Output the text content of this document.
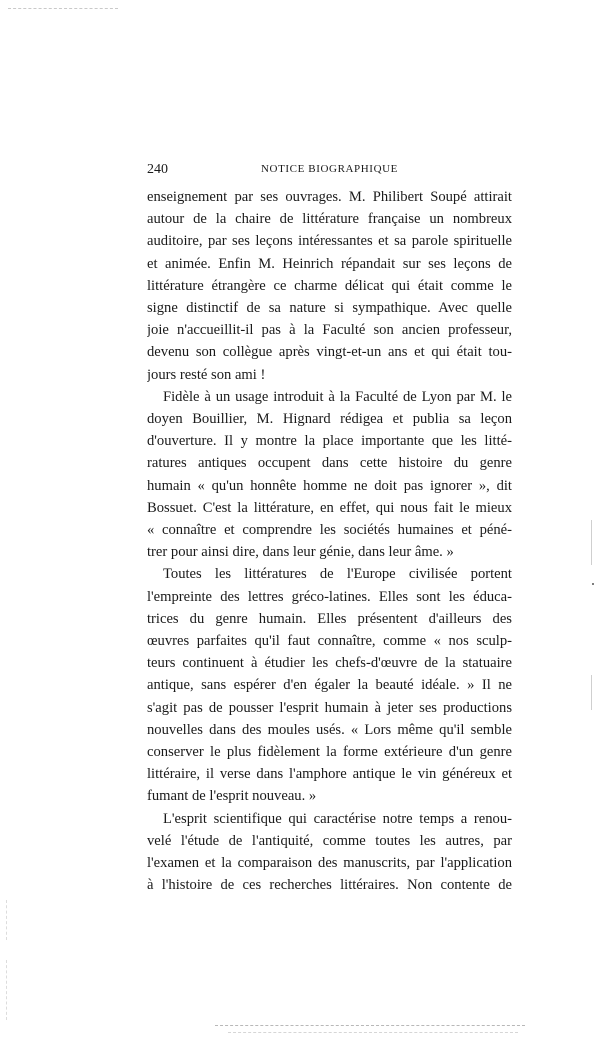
240	NOTICE BIOGRAPHIQUE

enseignement par ses ouvrages. M. Philibert Soupé attirait
autour de la chaire de littérature française un nombreux
auditoire, par ses leçons intéressantes et sa parole spirituelle
et animée. Enfin M. Heinrich répandait sur ses leçons de
littérature étrangère ce charme délicat qui était comme le
signe distinctif de sa nature si sympathique. Avec quelle
joie n'accueillit-il pas à la Faculté son ancien professeur,
devenu son collègue après vingt-et-un ans et qui était tou-
jours resté son ami !

Fidèle à un usage introduit à la Faculté de Lyon par M. le
doyen Bouillier, M. Hignard rédigea et publia sa leçon
d'ouverture. Il y montre la place importante que les litté-
ratures antiques occupent dans cette histoire du genre
humain « qu'un honnête homme ne doit pas ignorer », dit
Bossuet. C'est la littérature, en effet, qui nous fait le mieux
« connaître et comprendre les sociétés humaines et péné-
trer pour ainsi dire, dans leur génie, dans leur âme. »

Toutes les littératures de l'Europe civilisée portent
l'empreinte des lettres gréco-latines. Elles sont les éduca-
trices du genre humain. Elles présentent d'ailleurs des
œuvres parfaites qu'il faut connaître, comme « nos sculp-
teurs continuent à étudier les chefs-d'œuvre de la statuaire
antique, sans espérer d'en égaler la beauté idéale. » Il ne
s'agit pas de pousser l'esprit humain à jeter ses productions
nouvelles dans des moules usés. « Lors même qu'il semble
conserver le plus fidèlement la forme extérieure d'un genre
littéraire, il verse dans l'amphore antique le vin généreux et
fumant de l'esprit nouveau. »

L'esprit scientifique qui caractérise notre temps a renou-
velé l'étude de l'antiquité, comme toutes les autres, par
l'examen et la comparaison des manuscrits, par l'application
à l'histoire de ces recherches littéraires. Non contente de
